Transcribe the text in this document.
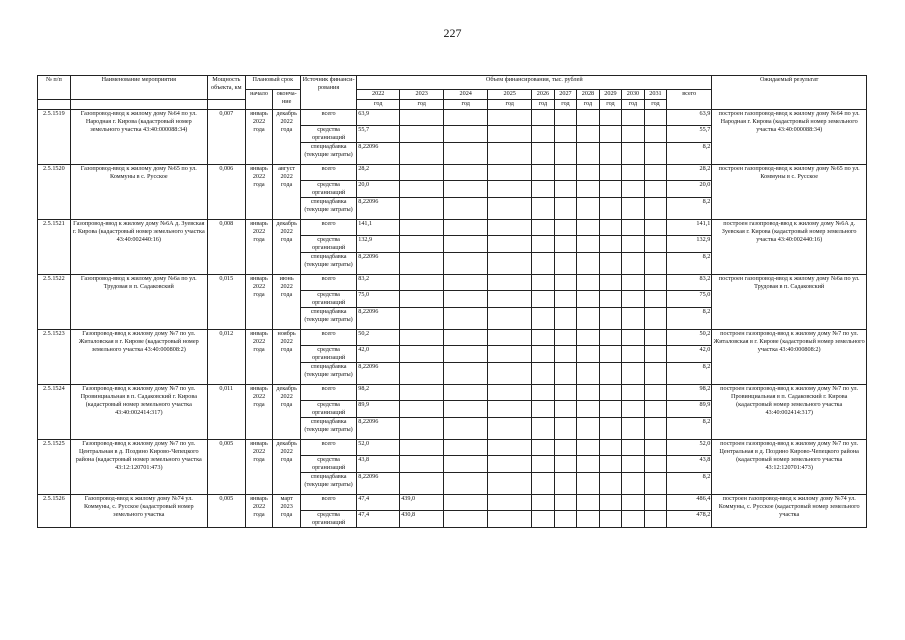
227
№ п/п	Наименование мероприятия	Мощность объекта, км	Плановый срок		Источник финанси-рования	Объем финансирования, тыс. рублей											Ожидаемый результат
			начало	оконча-ние		2022	2023	2024	2025	2026	2027	2028	2029	2030	2031	всего	
						год	год	год	год	год	год	год	год	год	год		
2.5.1519	Газопровод-ввод к жилому дому №64 по ул. Народная г. Кирова (кадастровый номер земельного участка 43:40:000088:34)	0,007	январь 2022 года	декабрь 2022 года	всего	63,9										63,9	построен газопровод-ввод к жилому дому №64 по ул. Народная г. Кирова (кадастровый номер земельного участка 43:40:000088:34)
					средства организаций	55,7										55,7	
					спецнадбавка (текущие затраты)	8,22096										8,2	
2.5.1520	Газопровод-ввод к жилому дому №65 по ул. Коммуны в с. Русское	0,006	январь 2022 года	август 2022 года	всего	28,2										28,2	построен газопровод-ввод к жилому дому №65 по ул. Коммуны в с. Русское
					средства организаций	20,0										20,0	
					спецнадбавка (текущие затраты)	8,22096										8,2	
2.5.1521	Газопровод-ввод к жилому дому №6А д. Зуевская г. Кирова (кадастровый номер земельного участка 43:40:002440:16)	0,008	январь 2022 года	декабрь 2022 года	всего	141,1										141,1	построен газопровод-ввод к жилому дому №6А д. Зуевская г. Кирова (кадастровый номер земельного участка 43:40:002440:16)
					средства организаций	132,9										132,9	
					спецнадбавка (текущие затраты)	8,22096										8,2	
2.5.1522	Газопровод-ввод к жилому дому №6а по ул. Трудовая в п. Садаковский	0,015	январь 2022 года	июнь 2022 года	всего	83,2										83,2	построен газопровод-ввод к жилому дому №6а по ул. Трудовая в п. Садаковский
					средства организаций	75,0										75,0	
					спецнадбавка (текущие затраты)	8,22096										8,2	
2.5.1523	Газопровод-ввод к жилому дому №7 по ул. Житаловская в г. Кирове (кадастровый номер земельного участка 43:40:000808:2)	0,012	январь 2022 года	ноябрь 2022 года	всего	50,2										50,2	построен газопровод-ввод к жилому дому №7 по ул. Житаловская в г. Кирове (кадастровый номер земельного участка 43:40:000808:2)
					средства организаций	42,0										42,0	
					спецнадбавка (текущие затраты)	8,22096										8,2	
2.5.1524	Газопровод-ввод к жилому дому №7 по ул. Провинциальная в п. Садаковский г. Кирова (кадастровый номер земельного участка 43:40:002414:317)	0,011	январь 2022 года	декабрь 2022 года	всего	98,2										98,2	построен газопровод-ввод к жилому дому №7 по ул. Провинциальная в п. Садаковский г. Кирова (кадастровый номер земельного участка 43:40:002414:317)
					средства организаций	89,9										89,9	
					спецнадбавка (текущие затраты)	8,22096										8,2	
2.5.1525	Газопровод-ввод к жилому дому №7 по ул. Центральная в д. Поздино Кирово-Чепецкого района (кадастровый номер земельного участка 43:12:120701:473)	0,005	январь 2022 года	декабрь 2022 года	всего	52,0										52,0	построен газопровод-ввод к жилому дому №7 по ул. Центральная в д. Поздино Кирово-Чепецкого района (кадастровый номер земельного участка 43:12:120701:473)
					средства организаций	43,8										43,8	
					спецнадбавка (текущие затраты)	8,22096										8,2	
2.5.1526	Газопровод-ввод к жилому дому №74 ул. Коммуны, с. Русское (кадастровый номер земельного участка	0,005	январь 2022 года	март 2023 года	всего	47,4	439,0									486,4	построен газопровод-ввод к жилому дому №74 ул. Коммуны, с. Русское (кадастровый номер земельного участка
					средства организаций	47,4	430,8									478,2	
